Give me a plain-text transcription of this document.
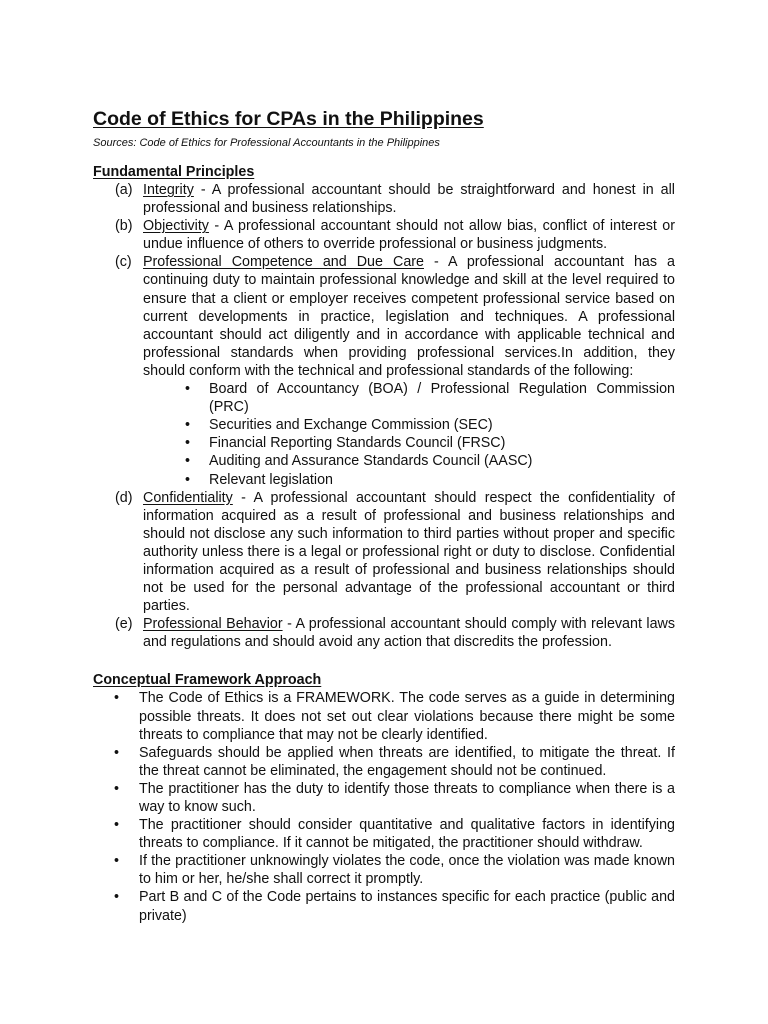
Code of Ethics for CPAs in the Philippines

Sources: Code of Ethics for Professional Accountants in the Philippines

Fundamental Principles
(a) Integrity - A professional accountant should be straightforward and honest in all professional and business relationships.
(b) Objectivity - A professional accountant should not allow bias, conflict of interest or undue influence of others to override professional or business judgments.
(c) Professional Competence and Due Care - A professional accountant has a continuing duty to maintain professional knowledge and skill at the level required to ensure that a client or employer receives competent professional service based on current developments in practice, legislation and techniques. A professional accountant should act diligently and in accordance with applicable technical and professional standards when providing professional services.In addition, they should conform with the technical and professional standards of the following:
• Board of Accountancy (BOA) / Professional Regulation Commission (PRC)
• Securities and Exchange Commission (SEC)
• Financial Reporting Standards Council (FRSC)
• Auditing and Assurance Standards Council (AASC)
• Relevant legislation
(d) Confidentiality - A professional accountant should respect the confidentiality of information acquired as a result of professional and business relationships and should not disclose any such information to third parties without proper and specific authority unless there is a legal or professional right or duty to disclose. Confidential information acquired as a result of professional and business relationships should not be used for the personal advantage of the professional accountant or third parties.
(e) Professional Behavior - A professional accountant should comply with relevant laws and regulations and should avoid any action that discredits the profession.
Conceptual Framework Approach
• The Code of Ethics is a FRAMEWORK. The code serves as a guide in determining possible threats. It does not set out clear violations because there might be some threats to compliance that may not be clearly identified.
• Safeguards should be applied when threats are identified, to mitigate the threat. If the threat cannot be eliminated, the engagement should not be continued.
• The practitioner has the duty to identify those threats to compliance when there is a way to know such.
• The practitioner should consider quantitative and qualitative factors in identifying threats to compliance. If it cannot be mitigated, the practitioner should withdraw.
• If the practitioner unknowingly violates the code, once the violation was made known to him or her, he/she shall correct it promptly.
• Part B and C of the Code pertains to instances specific for each practice (public and private)
